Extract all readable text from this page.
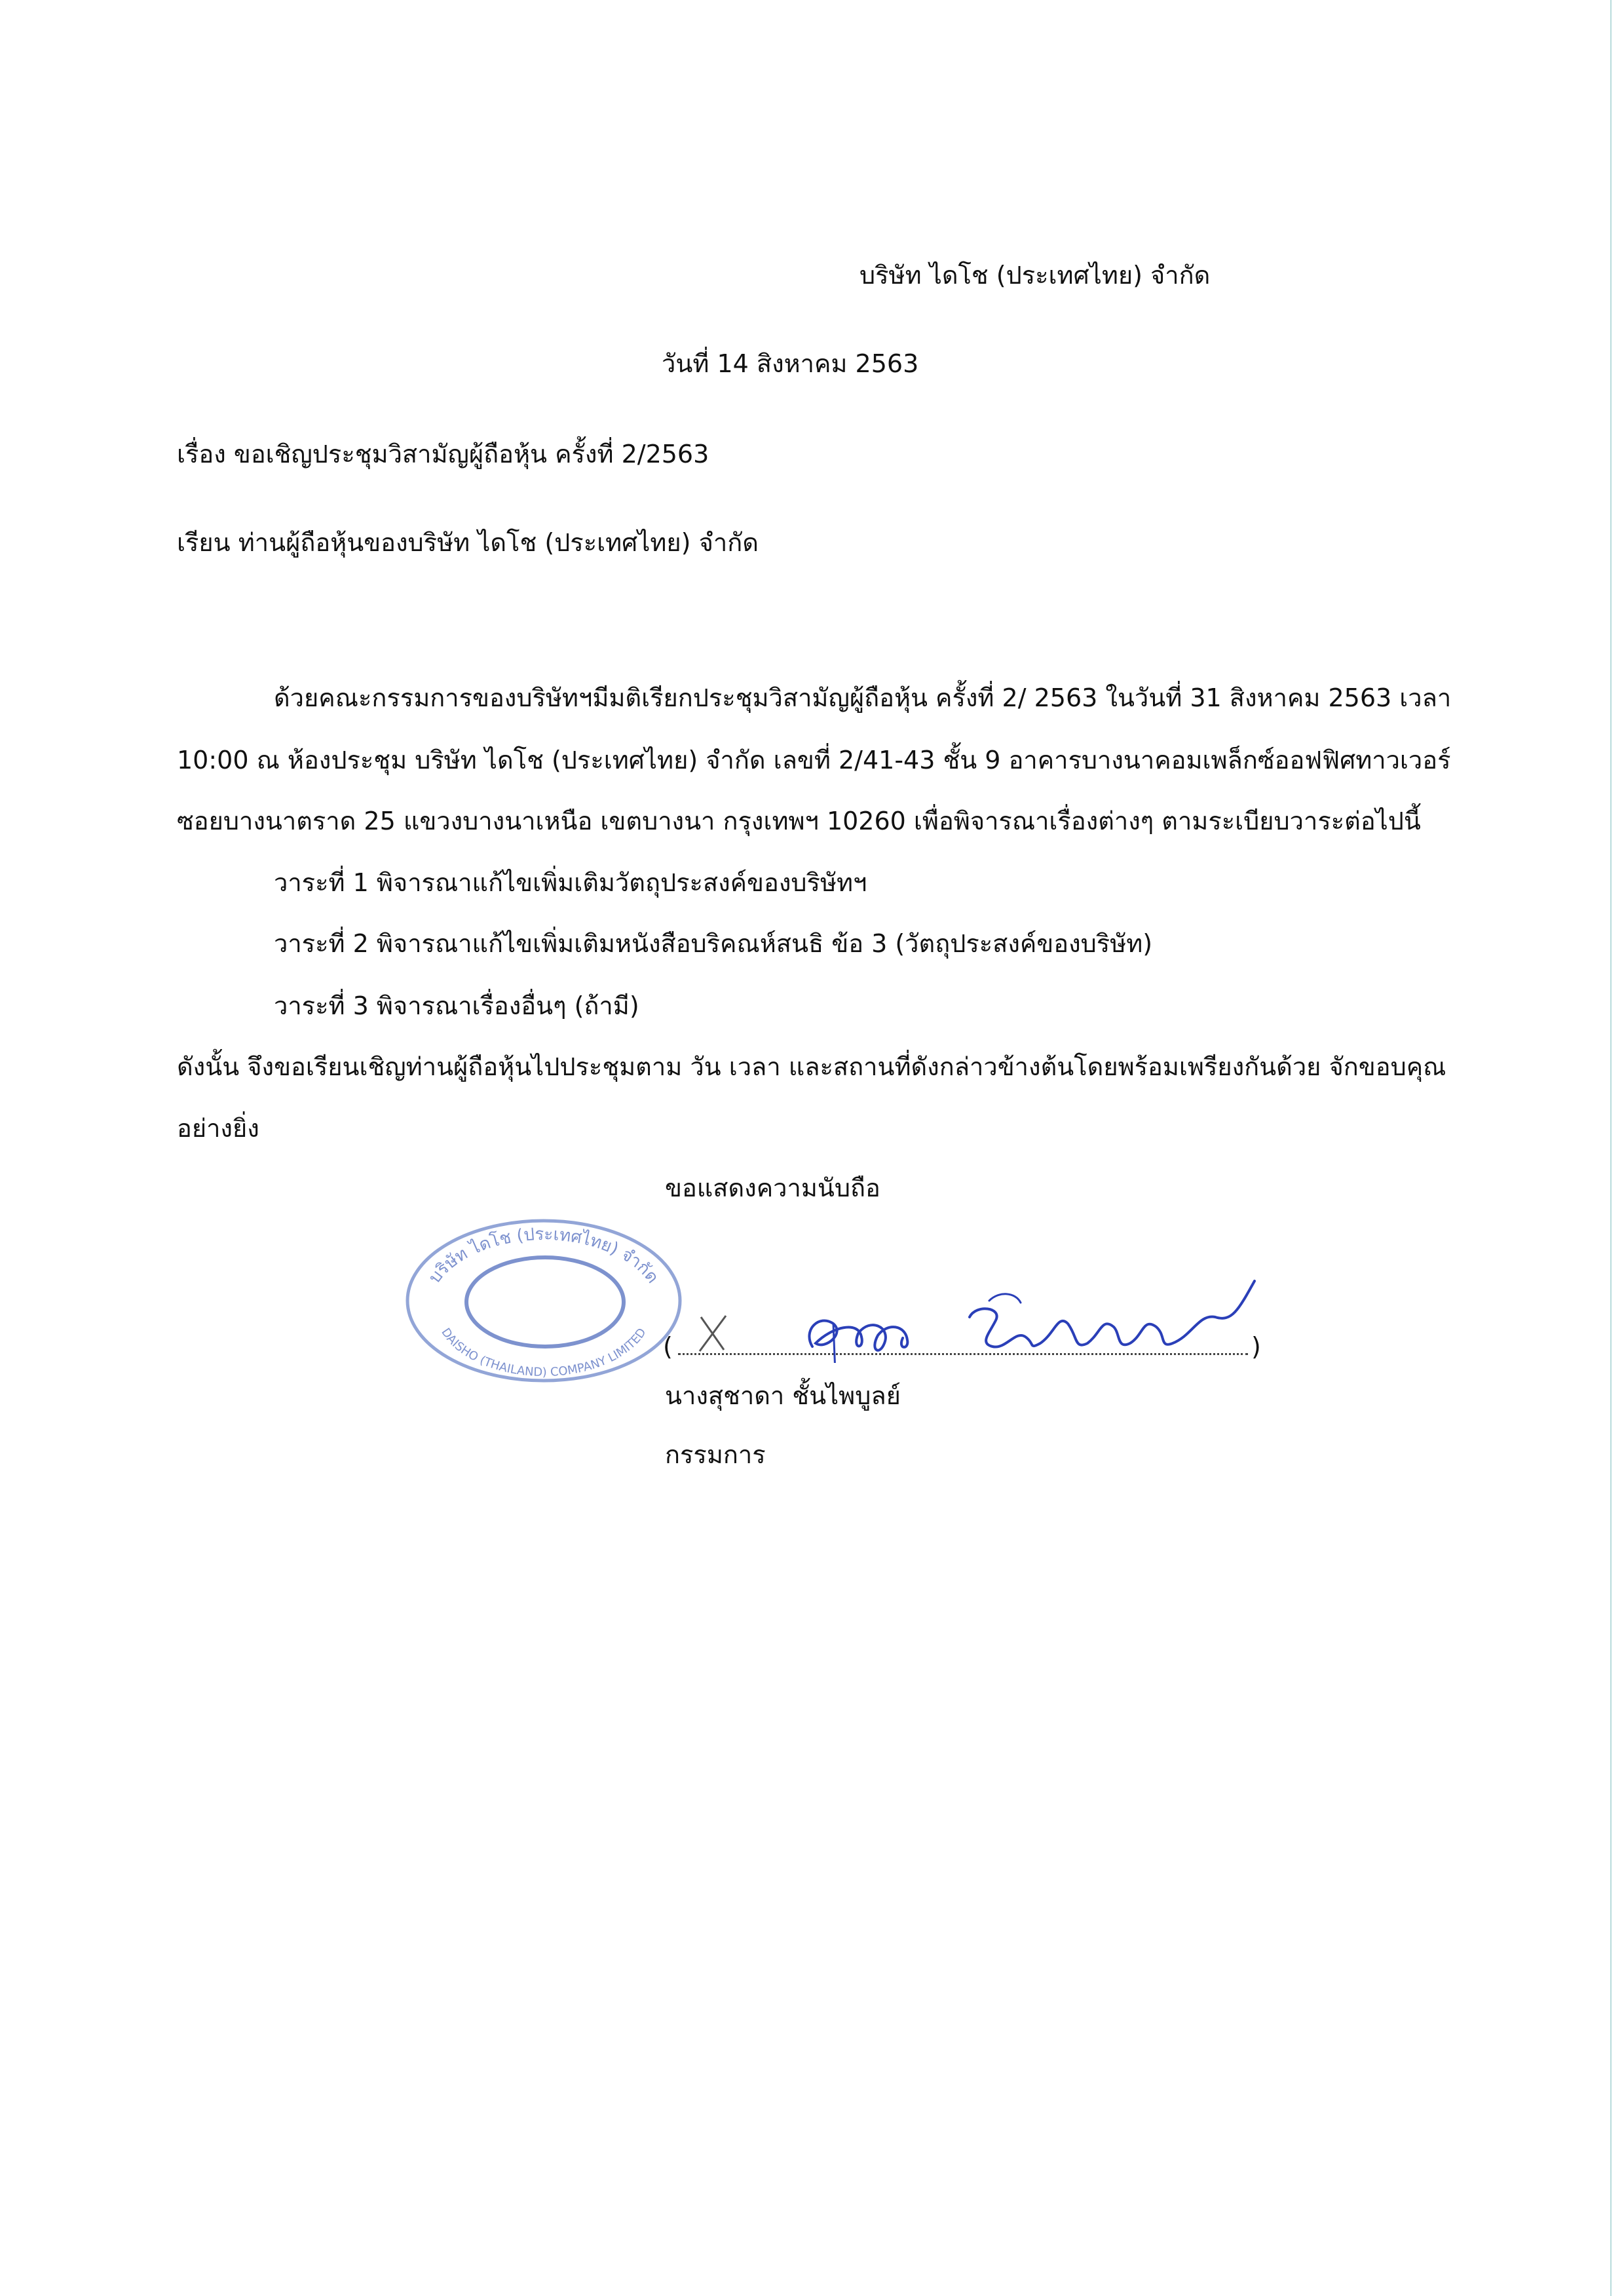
บริษัท ไดโช (ประเทศไทย) จำกัด
วันที่ 14 สิงหาคม 2563
เรื่อง ขอเชิญประชุมวิสามัญผู้ถือหุ้น ครั้งที่ 2/2563
เรียน ท่านผู้ถือหุ้นของบริษัท ไดโช (ประเทศไทย) จำกัด
ด้วยคณะกรรมการของบริษัทฯมีมติเรียกประชุมวิสามัญผู้ถือหุ้น ครั้งที่ 2/ 2563 ในวันที่ 31 สิงหาคม 2563 เวลา
10:00 ณ ห้องประชุม บริษัท ไดโช (ประเทศไทย) จำกัด เลขที่ 2/41-43 ชั้น 9 อาคารบางนาคอมเพล็กซ์ออฟฟิศทาวเวอร์
ซอยบางนาตราด 25 แขวงบางนาเหนือ เขตบางนา กรุงเทพฯ 10260 เพื่อพิจารณาเรื่องต่างๆ ตามระเบียบวาระต่อไปนี้
วาระที่ 1 พิจารณาแก้ไขเพิ่มเติมวัตถุประสงค์ของบริษัทฯ
วาระที่ 2 พิจารณาแก้ไขเพิ่มเติมหนังสือบริคณห์สนธิ ข้อ 3 (วัตถุประสงค์ของบริษัท)
วาระที่ 3 พิจารณาเรื่องอื่นๆ (ถ้ามี)
ดังนั้น จึงขอเรียนเชิญท่านผู้ถือหุ้นไปประชุมตาม วัน เวลา และสถานที่ดังกล่าวข้างต้นโดยพร้อมเพรียงกันด้วย จักขอบคุณ
อย่างยิ่ง
ขอแสดงความนับถือ
บริษัท ไดโช (ประเทศไทย) จำกัด
DAISHO (THAILAND) COMPANY LIMITED (	)
นางสุชาดา ชั้นไพบูลย์
กรรมการ
